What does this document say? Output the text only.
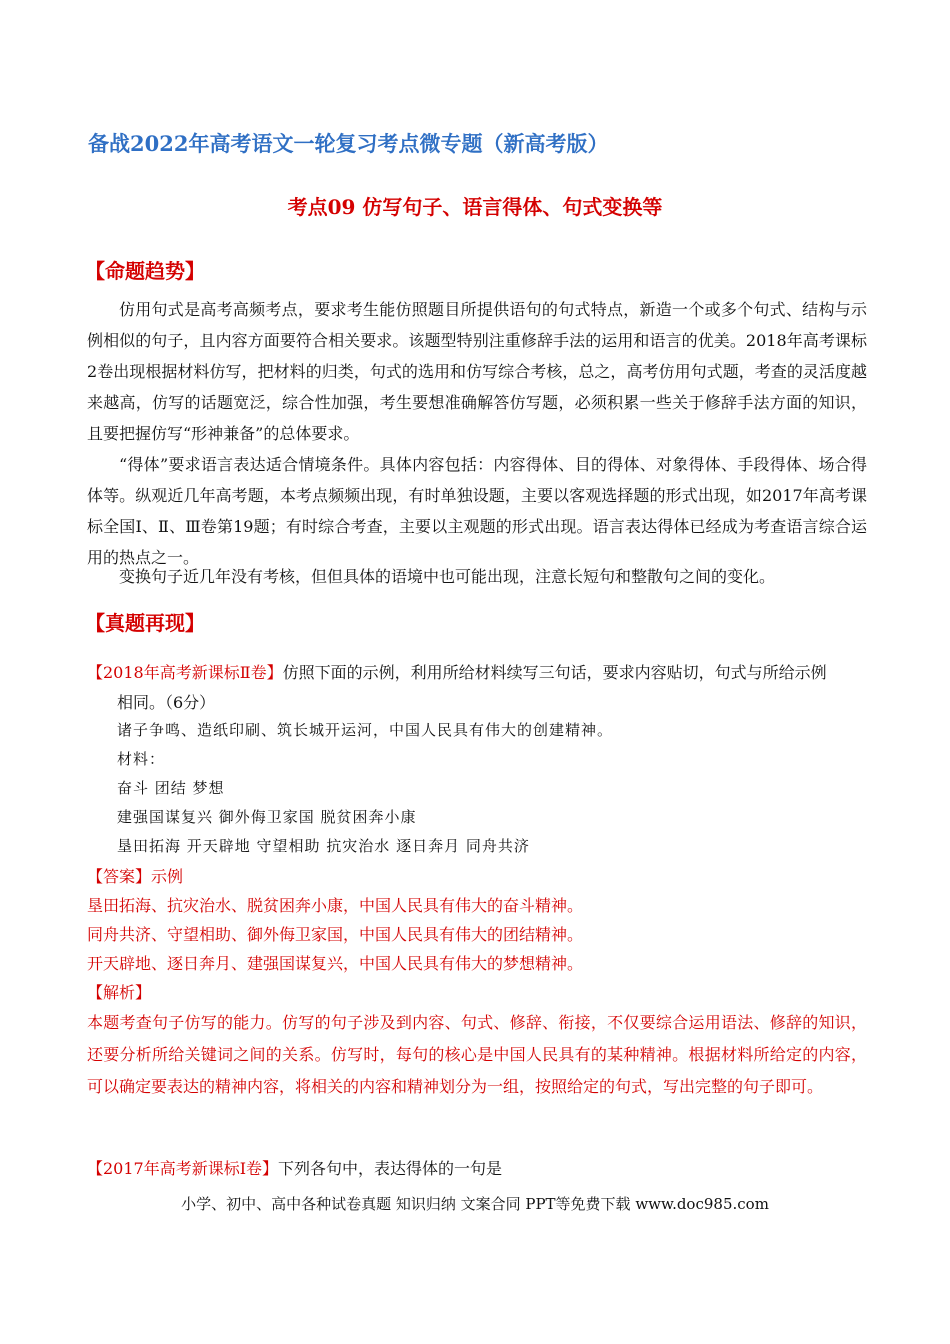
备战2022年高考语文一轮复习考点微专题（新高考版）
考点09 仿写句子、语言得体、句式变换等
【命题趋势】
仿用句式是高考高频考点，要求考生能仿照题目所提供语句的句式特点，新造一个或多个句式、结构与示例相似的句子，且内容方面要符合相关要求。该题型特别注重修辞手法的运用和语言的优美。2018年高考课标2卷出现根据材料仿写，把材料的归类，句式的选用和仿写综合考核，总之，高考仿用句式题，考查的灵活度越来越高，仿写的话题宽泛，综合性加强，考生要想准确解答仿写题，必须积累一些关于修辞手法方面的知识，且要把握仿写“形神兼备”的总体要求。
“得体”要求语言表达适合情境条件。具体内容包括：内容得体、目的得体、对象得体、手段得体、场合得体等。纵观近几年高考题，本考点频频出现，有时单独设题，主要以客观选择题的形式出现，如2017年高考课标全国Ⅰ、Ⅱ、Ⅲ卷第19题；有时综合考查，主要以主观题的形式出现。语言表达得体已经成为考查语言综合运用的热点之一。
变换句子近几年没有考核，但但具体的语境中也可能出现，注意长短句和整散句之间的变化。
【真题再现】
【2018年高考新课标Ⅱ卷】仿照下面的示例，利用所给材料续写三句话，要求内容贴切，句式与所给示例
相同。（6分）
诸子争鸣、造纸印刷、筑长城开运河，中国人民具有伟大的创建精神。
材料：
奋斗 团结 梦想
建强国谋复兴 御外侮卫家国 脱贫困奔小康
垦田拓海 开天辟地 守望相助 抗灾治水 逐日奔月 同舟共济
【答案】示例
垦田拓海、抗灾治水、脱贫困奔小康，中国人民具有伟大的奋斗精神。
同舟共济、守望相助、御外侮卫家国，中国人民具有伟大的团结精神。
开天辟地、逐日奔月、建强国谋复兴，中国人民具有伟大的梦想精神。
【解析】
本题考查句子仿写的能力。仿写的句子涉及到内容、句式、修辞、衔接，不仅要综合运用语法、修辞的知识，还要分析所给关键词之间的关系。仿写时，每句的核心是中国人民具有的某种精神。根据材料所给定的内容，可以确定要表达的精神内容，将相关的内容和精神划分为一组，按照给定的句式，写出完整的句子即可。
【2017年高考新课标Ⅰ卷】下列各句中，表达得体的一句是
小学、初中、高中各种试卷真题 知识归纳 文案合同 PPT等免费下载 www.doc985.com
